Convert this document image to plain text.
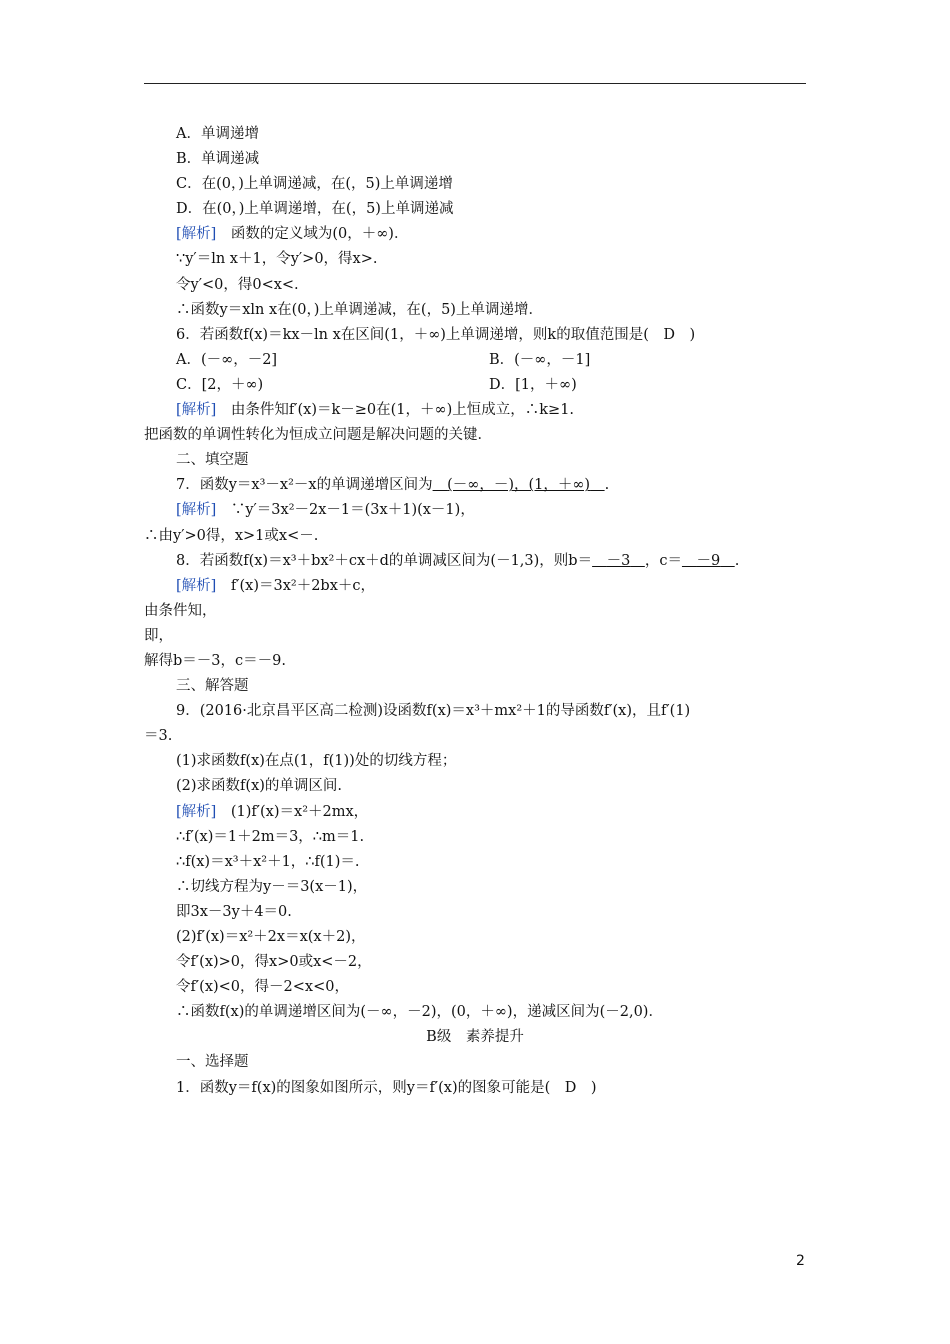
A．单调递增
B．单调递减
C．在(0，)上单调递减，在(，5)上单调递增
D．在(0，)上单调递增，在(，5)上单调递减
[解析]　 函数的定义域为(0，＋∞)．
∵y′＝ln x＋1，令y′>0，得x>.
令y′<0，得0<x<.
∴函数y＝xln x在(0，)上单调递减，在(，5)上单调递增．
6．若函数f(x)＝kx－ln x在区间(1，＋∞)上单调递增，则k的取值范围是(　D　)
A．(－∞，－2]	B．(－∞，－1]
C．[2，＋∞)	D．[1，＋∞)
[解析]　 由条件知f′(x)＝k－≥0在(1，＋∞)上恒成立，∴k≥1.
把函数的单调性转化为恒成立问题是解决问题的关键．
二、填空题
7．函数y＝x³－x²－x的单调递增区间为　 (－∞，－)，(1，＋∞)　 .
[解析]　 ∵y′＝3x²－2x－1＝(3x＋1)(x－1)，
∴由y′>0得，x>1或x<－.
8．若函数f(x)＝x³＋bx²＋cx＋d的单调减区间为(－1,3)，则b＝　 －3　 ，c＝　 －9　 .
[解析]　 f′(x)＝3x²＋2bx＋c，
由条件知，
即，
解得b＝－3，c＝－9.
三、解答题
9．(2016·北京昌平区高二检测)设函数f(x)＝x³＋mx²＋1的导函数f′(x)，且f′(1)
＝3.
(1)求函数f(x)在点(1，f(1))处的切线方程；
(2)求函数f(x)的单调区间.
[解析]　 (1)f′(x)＝x²＋2mx，
∴f′(x)＝1＋2m＝3，∴m＝1.
∴f(x)＝x³＋x²＋1，∴f(1)＝.
∴切线方程为y－＝3(x－1)，
即3x－3y＋4＝0.
(2)f′(x)＝x²＋2x＝x(x＋2)，
令f′(x)>0，得x>0或x<－2，
令f′(x)<0，得－2<x<0，
∴函数f(x)的单调递增区间为(－∞，－2)，(0，＋∞)，递减区间为(－2,0)．
B级　素养提升
一、选择题
1．函数y＝f(x)的图象如图所示，则y＝f′(x)的图象可能是(　D　)
2
